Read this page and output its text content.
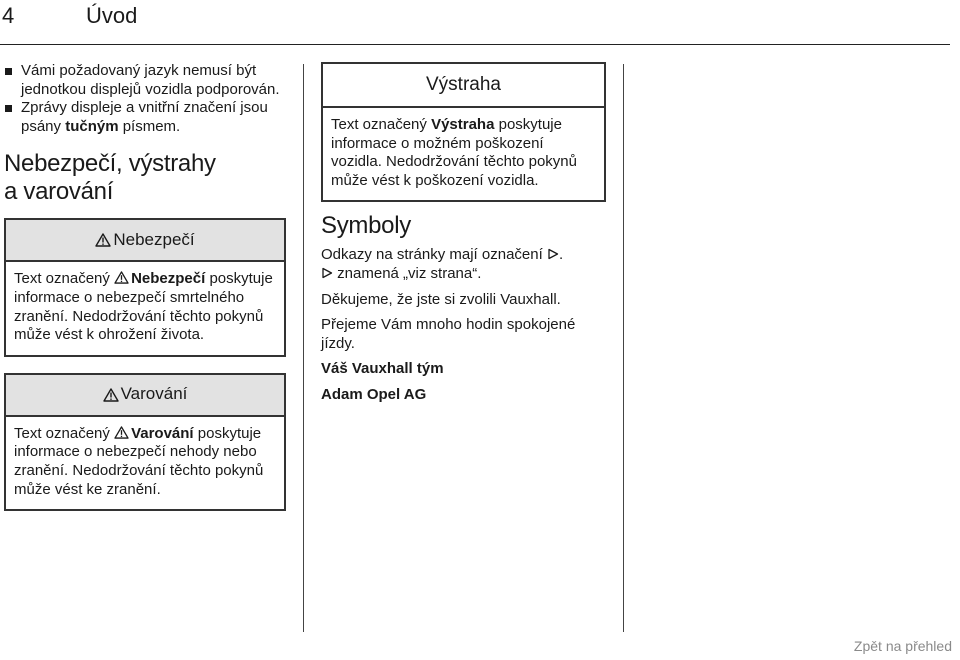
4	Úvod
Vámi požadovaný jazyk nemusí být jednotkou displejů vozidla podporován.
Zprávy displeje a vnitřní značení jsou psány tučným písmem.
Nebezpečí, výstrahy
a varování
Nebezpečí
Text označený
Nebezpečí poskytuje informace o nebezpečí smrtelného zranění. Nedodržování těchto pokynů může vést k ohrožení života.
Varování
Text označený
Varování poskytuje informace o nebezpečí nehody nebo zranění. Nedodržování těchto pokynů může vést ke zranění.
Výstraha
Text označený Výstraha poskytuje informace o možném poškození vozidla. Nedodržování těchto pokynů může vést k poškození vozidla.
Symboly

Odkazy na stránky mají označení .
znamená „viz strana“.

Děkujeme, že jste si zvolili Vauxhall.

Přejeme Vám mnoho hodin spokojené jízdy.

Váš Vauxhall tým

Adam Opel AG

Zpět na přehled
